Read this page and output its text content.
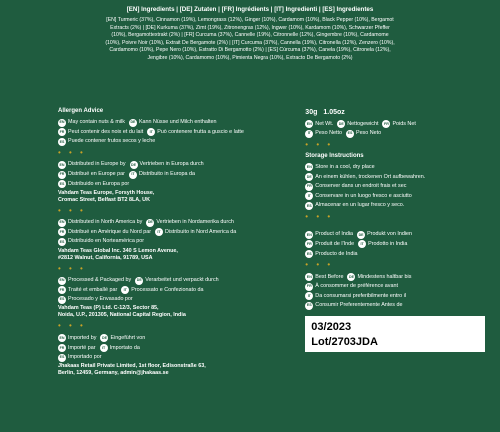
[EN] Ingredients | [DE] Zutaten | [FR] Ingrédients | [IT] Ingredienti | [ES] Ingredientes
[EN] Turmeric (37%), Cinnamon (19%), Lemongrass (12%), Ginger (10%), Cardamom (10%), Black Pepper (10%), Bergamot
Extracts (2%) | [DE] Kurkuma (37%), Zimt (19%), Zitronengras (12%), Ingwer (10%), Kardamom (10%), Schwarzer Pfeffer
(10%), Bergamottextrakt (2%) | [FR] Curcuma (37%), Cannelle (19%), Citronnelle (12%), Gingembre (10%), Cardamome
(10%), Poivre Noir (10%), Extrait De Bergamote (2%) | [IT] Curcuma (37%), Cannella (19%), Citronella (12%), Zenzero (10%),
Cardamomo (10%), Pepe Nero (10%), Estratto Di Bergamotto (2%) | [ES] Cúrcuma (37%), Canela (19%), Citronela (12%),
Jengibre (10%), Cardamomo (10%), Pimienta Negra (10%), Extracto De Bergamoto (2%)
Allergen Advice
EN May contain nuts & milk	DE Kann Nüsse und Milch enthalten
FR Peut contenir des noix et du lait	IT Può contenere frutta a guscio e latte
ES Puede contener frutos secos y leche
• • •
EN Distributed in Europe by	DE Vertrieben in Europa durch
FR Distribué en Europe par	IT Distribuito in Europa da
ES Distribuido en Europa por
Vahdam Teas Europe, Forsyth House,
Cromac Street, Belfast BT2 8LA, UK
• • •
EN Distributed in North America by	DE Vertrieben in Nordamerika durch
FR Distribué en Amérique du Nord par	IT Distribuito in Nord America da
ES Distribuido en Norteamérica por
Vahdam Teas Global Inc. 340 S Lemon Avenue,
#2812 Walnut, California, 91789, USA
• • •
EN Processed & Packaged by	DE Verarbeitet und verpackt durch
FR Traité et emballé par	IT Processato e Confezionato da
ES Procesado y Envasado por
Vahdam Teas (P) Ltd. C-12/3, Sector 85,
Noida, U.P., 201305, National Capital Region, India
• • •
EN Imported by	DE Eingeführt von
FR Importé par	IT Importato da
ES Importado por
Jhakaas Retail Private Limited, 1st floor, Edisonstraße 63,
Berlin, 12459, Germany, admin@jhakaas.se
30g 1.05oz
EN Net Wt.	DE Nettogewicht	FR Poids Net
IT Peso Netto	ES Peso Neto
• • •
Storage Instructions
EN Store in a cool, dry place
DE An einem kühlen, trockenen Ort aufbewahren.
FR Conserver dans un endroit frais et sec
IT Conservare in un luogo fresco e asciutto
ES Almacenar en un lugar fresco y seco.
• • •
EN Product of India	DE Produkt von Indien
FR Produit de l'Inde	IT Prodotto in India
ES Producto de India
• • •
EN Best Before	DE Mindestens haltbar bis
FR À consommer de préférence avant
IT Da consumarsi preferibilmente entro il
ES Consumir Preferentemente Antes de
03/2023
Lot/2703JDA
